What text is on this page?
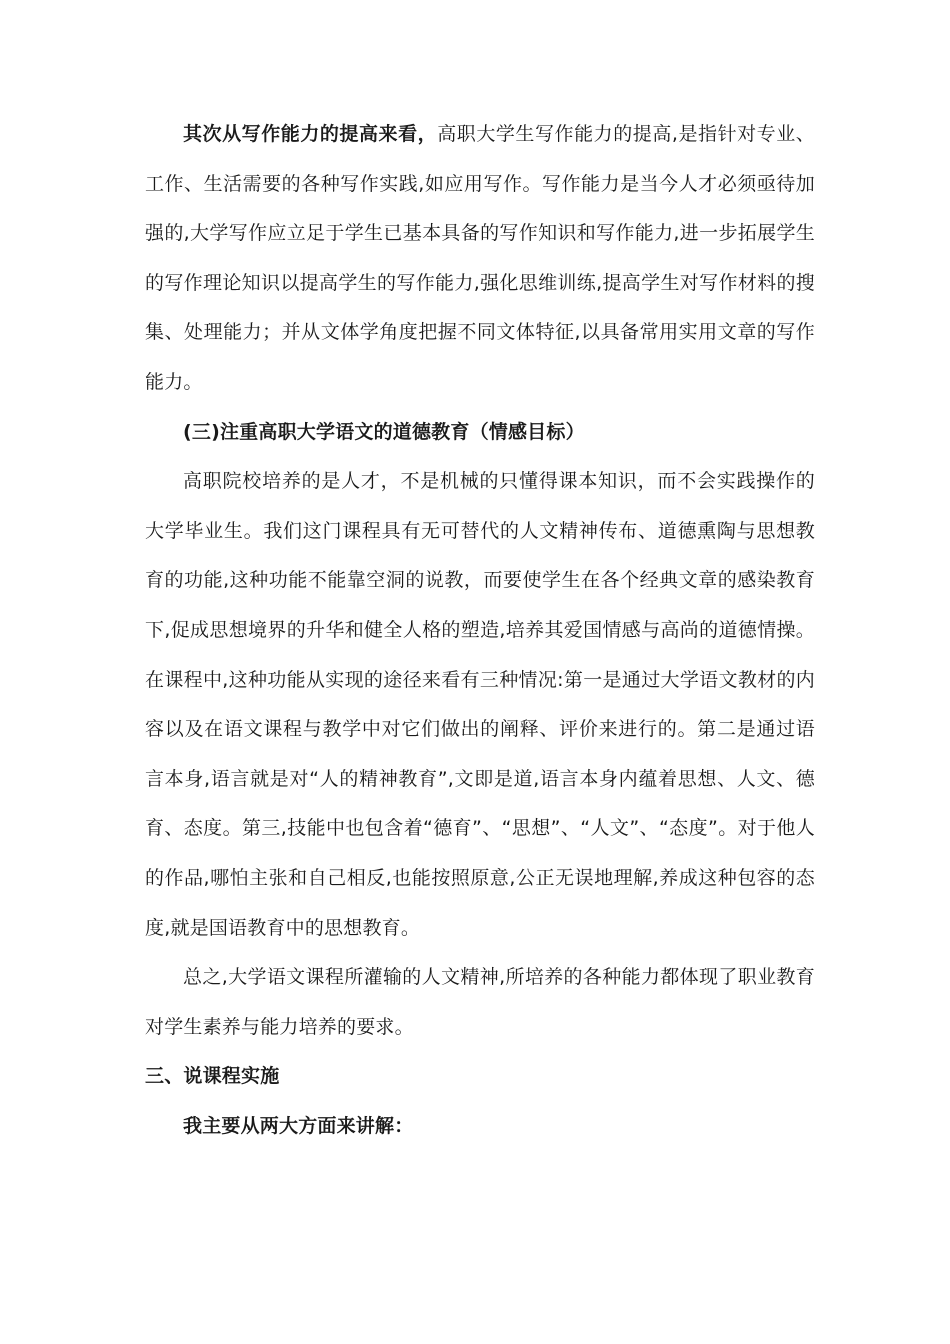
其次从写作能力的提高来看，高职大学生写作能力的提高,是指针对专业、工作、生活需要的各种写作实践,如应用写作。写作能力是当今人才必须亟待加强的,大学写作应立足于学生已基本具备的写作知识和写作能力,进一步拓展学生的写作理论知识以提高学生的写作能力,强化思维训练,提高学生对写作材料的搜集、处理能力；并从文体学角度把握不同文体特征,以具备常用实用文章的写作能力。

(三)注重高职大学语文的道德教育（情感目标）

高职院校培养的是人才，不是机械的只懂得课本知识，而不会实践操作的大学毕业生。我们这门课程具有无可替代的人文精神传布、道德熏陶与思想教育的功能,这种功能不能靠空洞的说教，而要使学生在各个经典文章的感染教育下,促成思想境界的升华和健全人格的塑造,培养其爱国情感与高尚的道德情操。在课程中,这种功能从实现的途径来看有三种情况:第一是通过大学语文教材的内容以及在语文课程与教学中对它们做出的阐释、评价来进行的。第二是通过语言本身,语言就是对“人的精神教育”,文即是道,语言本身内蕴着思想、人文、德育、态度。第三,技能中也包含着“德育”、“思想”、“人文”、“态度”。对于他人的作品,哪怕主张和自己相反,也能按照原意,公正无误地理解,养成这种包容的态度,就是国语教育中的思想教育。

总之,大学语文课程所灌输的人文精神,所培养的各种能力都体现了职业教育对学生素养与能力培养的要求。

三、说课程实施

我主要从两大方面来讲解：
